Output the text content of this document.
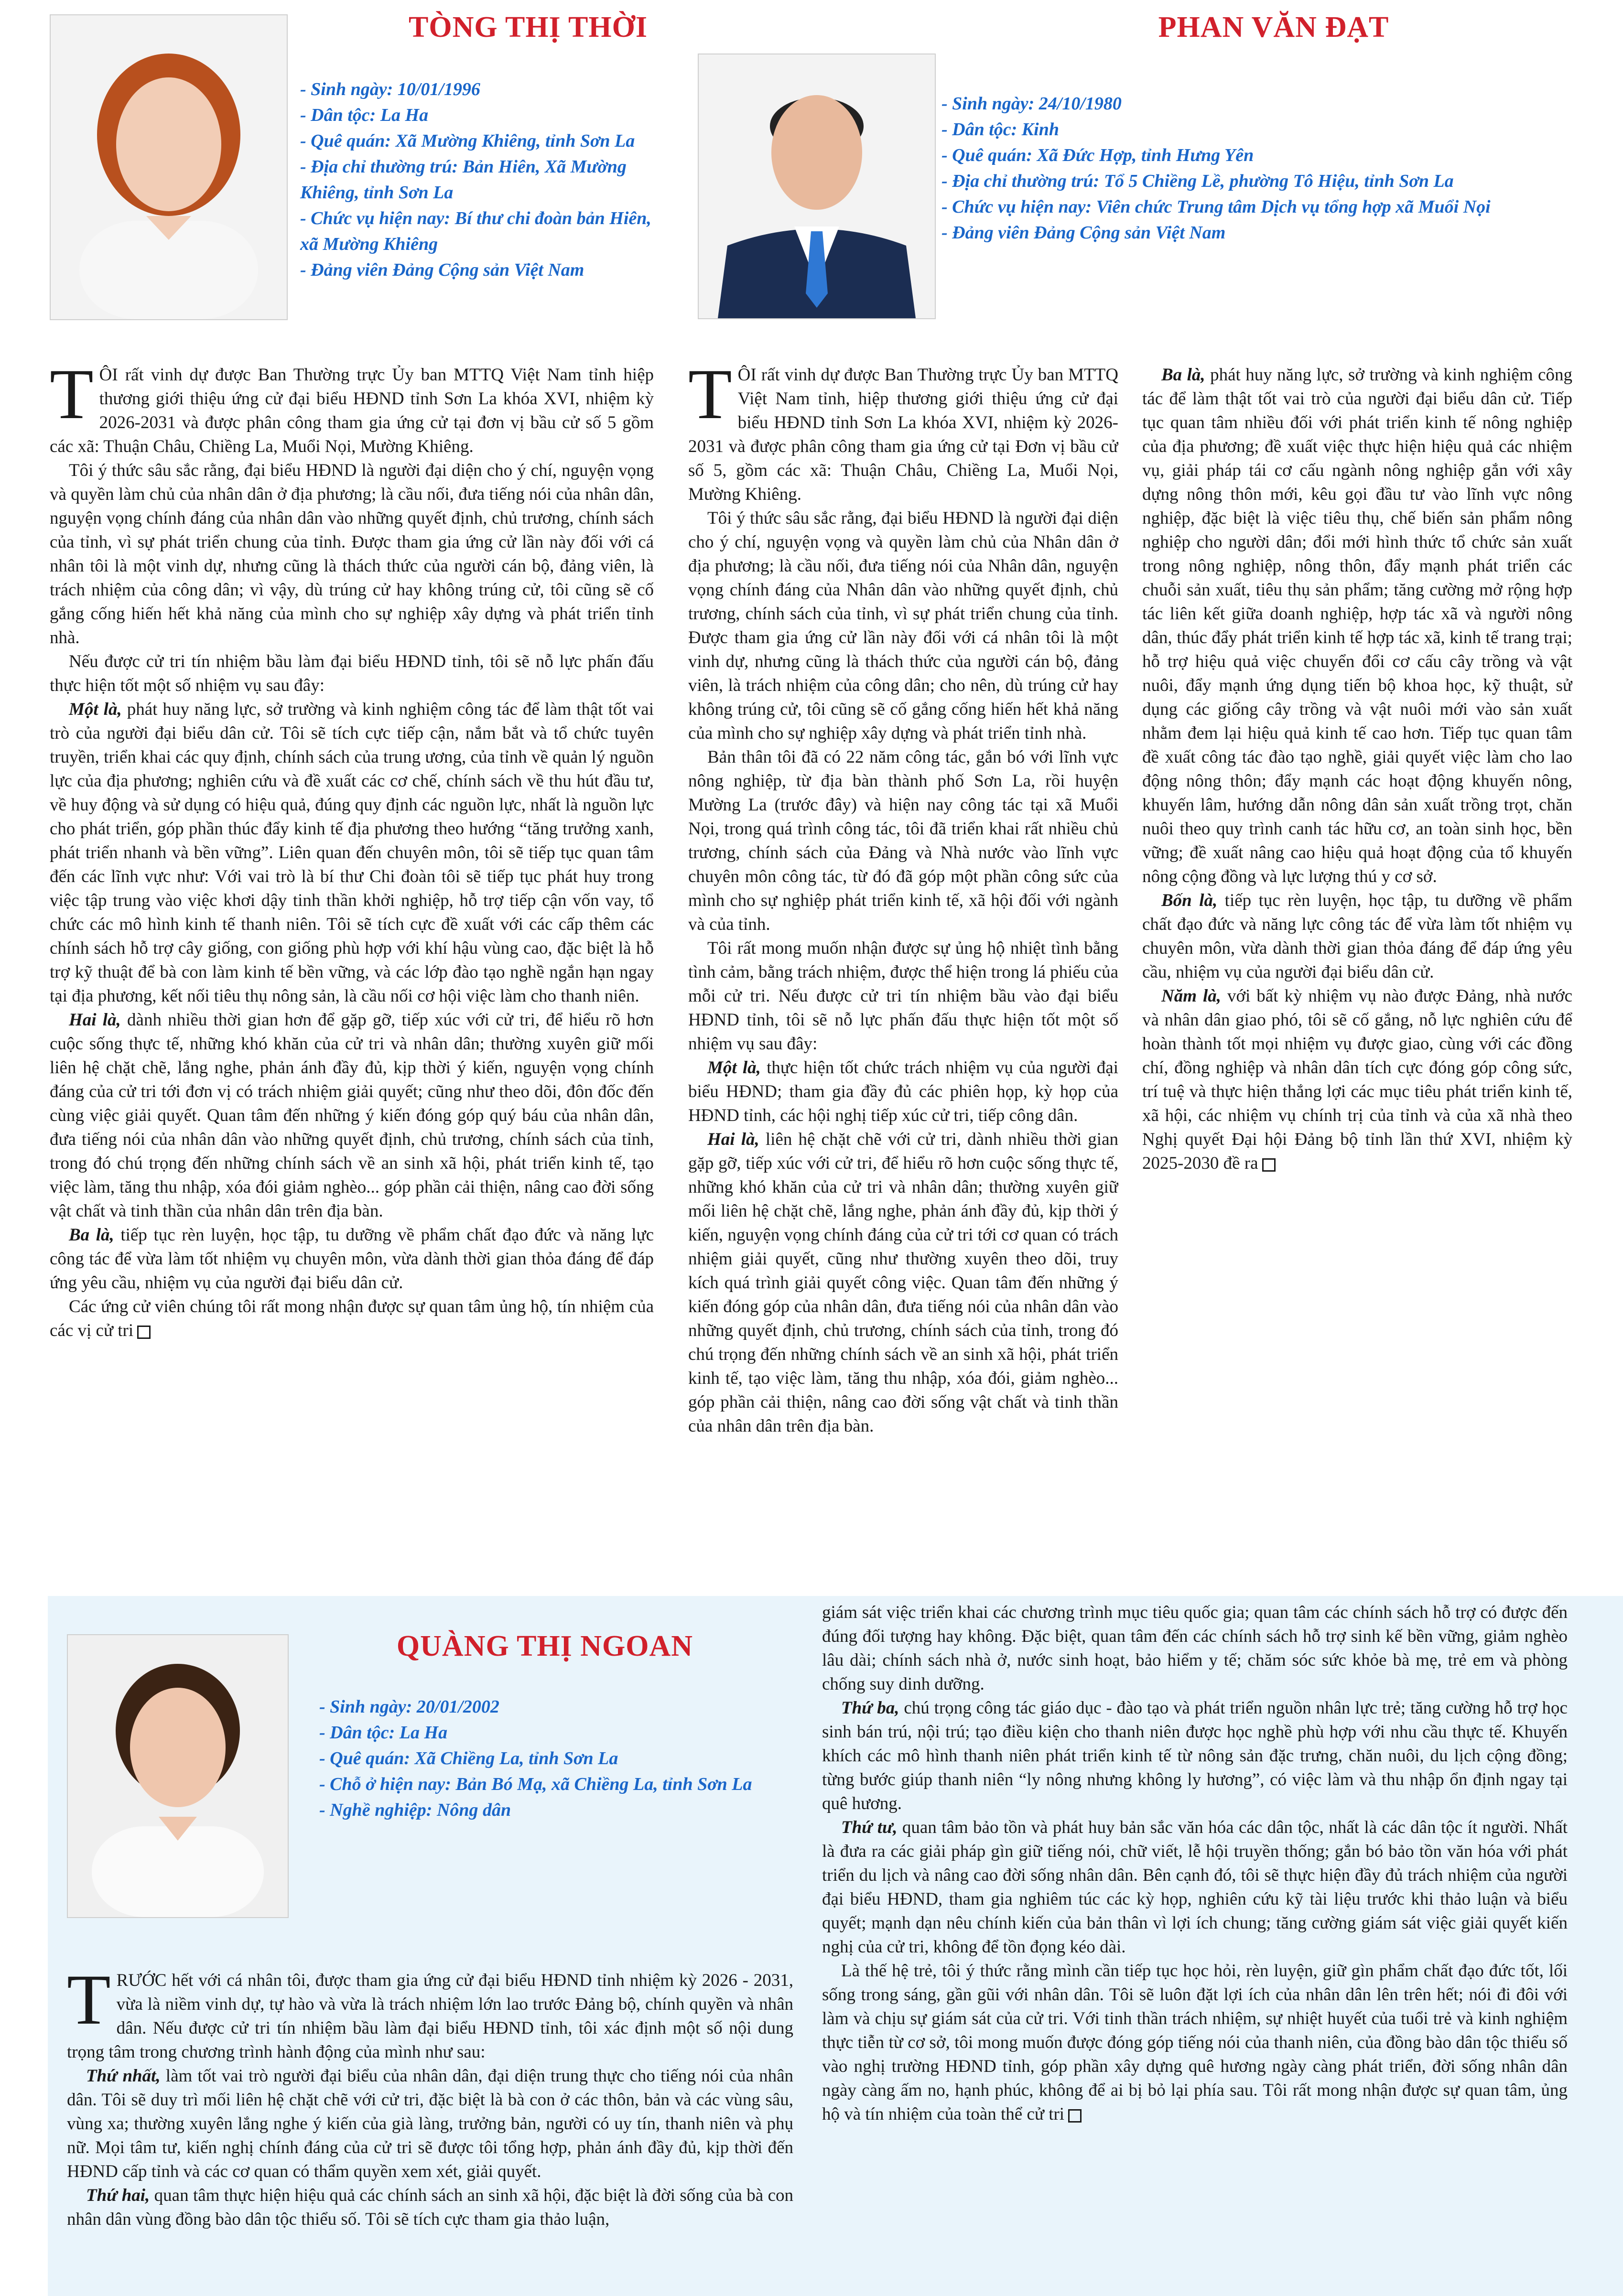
TÒNG THỊ THỜI

- Sinh ngày: 10/01/1996

- Dân tộc: La Ha

- Quê quán: Xã Mường Khiêng, tỉnh Sơn La

- Địa chỉ thường trú: Bản Hiên, Xã Mường Khiêng, tỉnh Sơn La

- Chức vụ hiện nay: Bí thư chi đoàn bản Hiên, xã Mường Khiêng

- Đảng viên Đảng Cộng sản Việt Nam

PHAN VĂN ĐẠT

- Sinh ngày: 24/10/1980

- Dân tộc: Kinh

- Quê quán: Xã Đức Hợp, tỉnh Hưng Yên

- Địa chỉ thường trú: Tổ 5 Chiềng Lề, phường Tô Hiệu, tỉnh Sơn La

- Chức vụ hiện nay: Viên chức Trung tâm Dịch vụ tổng hợp xã Muổi Nọi

- Đảng viên Đảng Cộng sản Việt Nam

TÔI rất vinh dự được Ban Thường trực Ủy ban MTTQ Việt Nam tỉnh hiệp thương giới thiệu ứng cử đại biểu HĐND tỉnh Sơn La khóa XVI, nhiệm kỳ 2026-2031 và được phân công tham gia ứng cử tại đơn vị bầu cử số 5 gồm các xã: Thuận Châu, Chiềng La, Muổi Nọi, Mường Khiêng.

Tôi ý thức sâu sắc rằng, đại biểu HĐND là người đại diện cho ý chí, nguyện vọng và quyền làm chủ của nhân dân ở địa phương; là cầu nối, đưa tiếng nói của nhân dân, nguyện vọng chính đáng của nhân dân vào những quyết định, chủ trương, chính sách của tỉnh, vì sự phát triển chung của tỉnh. Được tham gia ứng cử lần này đối với cá nhân tôi là một vinh dự, nhưng cũng là thách thức của người cán bộ, đảng viên, là trách nhiệm của công dân; vì vậy, dù trúng cử hay không trúng cử, tôi cũng sẽ cố gắng cống hiến hết khả năng của mình cho sự nghiệp xây dựng và phát triển tỉnh nhà.

Nếu được cử tri tín nhiệm bầu làm đại biểu HĐND tỉnh, tôi sẽ nỗ lực phấn đấu thực hiện tốt một số nhiệm vụ sau đây:

Một là, phát huy năng lực, sở trường và kinh nghiệm công tác để làm thật tốt vai trò của người đại biểu dân cử. Tôi sẽ tích cực tiếp cận, nắm bắt và tổ chức tuyên truyền, triển khai các quy định, chính sách của trung ương, của tỉnh về quản lý nguồn lực của địa phương; nghiên cứu và đề xuất các cơ chế, chính sách về thu hút đầu tư, về huy động và sử dụng có hiệu quả, đúng quy định các nguồn lực, nhất là nguồn lực cho phát triển, góp phần thúc đẩy kinh tế địa phương theo hướng “tăng trưởng xanh, phát triển nhanh và bền vững”. Liên quan đến chuyên môn, tôi sẽ tiếp tục quan tâm đến các lĩnh vực như: Với vai trò là bí thư Chi đoàn tôi sẽ tiếp tục phát huy trong việc tập trung vào việc khơi dậy tinh thần khởi nghiệp, hỗ trợ tiếp cận vốn vay, tổ chức các mô hình kinh tế thanh niên. Tôi sẽ tích cực đề xuất với các cấp thêm các chính sách hỗ trợ cây giống, con giống phù hợp với khí hậu vùng cao, đặc biệt là hỗ trợ kỹ thuật để bà con làm kinh tế bền vững, và các lớp đào tạo nghề ngắn hạn ngay tại địa phương, kết nối tiêu thụ nông sản, là cầu nối cơ hội việc làm cho thanh niên.

Hai là, dành nhiều thời gian hơn để gặp gỡ, tiếp xúc với cử tri, để hiểu rõ hơn cuộc sống thực tế, những khó khăn của cử tri và nhân dân; thường xuyên giữ mối liên hệ chặt chẽ, lắng nghe, phản ánh đầy đủ, kịp thời ý kiến, nguyện vọng chính đáng của cử tri tới đơn vị có trách nhiệm giải quyết; cũng như theo dõi, đôn đốc đến cùng việc giải quyết. Quan tâm đến những ý kiến đóng góp quý báu của nhân dân, đưa tiếng nói của nhân dân vào những quyết định, chủ trương, chính sách của tỉnh, trong đó chú trọng đến những chính sách về an sinh xã hội, phát triển kinh tế, tạo việc làm, tăng thu nhập, xóa đói giảm nghèo... góp phần cải thiện, nâng cao đời sống vật chất và tinh thần của nhân dân trên địa bàn.

Ba là, tiếp tục rèn luyện, học tập, tu dưỡng về phẩm chất đạo đức và năng lực công tác để vừa làm tốt nhiệm vụ chuyên môn, vừa dành thời gian thỏa đáng để đáp ứng yêu cầu, nhiệm vụ của người đại biểu dân cử.

Các ứng cử viên chúng tôi rất mong nhận được sự quan tâm ủng hộ, tín nhiệm của các vị cử tri

TÔI rất vinh dự được Ban Thường trực Ủy ban MTTQ Việt Nam tỉnh, hiệp thương giới thiệu ứng cử đại biểu HĐND tỉnh Sơn La khóa XVI, nhiệm kỳ 2026-2031 và được phân công tham gia ứng cử tại Đơn vị bầu cử số 5, gồm các xã: Thuận Châu, Chiềng La, Muổi Nọi, Mường Khiêng.

Tôi ý thức sâu sắc rằng, đại biểu HĐND là người đại diện cho ý chí, nguyện vọng và quyền làm chủ của Nhân dân ở địa phương; là cầu nối, đưa tiếng nói của Nhân dân, nguyện vọng chính đáng của Nhân dân vào những quyết định, chủ trương, chính sách của tỉnh, vì sự phát triển chung của tỉnh. Được tham gia ứng cử lần này đối với cá nhân tôi là một vinh dự, nhưng cũng là thách thức của người cán bộ, đảng viên, là trách nhiệm của công dân; cho nên, dù trúng cử hay không trúng cử, tôi cũng sẽ cố gắng cống hiến hết khả năng của mình cho sự nghiệp xây dựng và phát triển tỉnh nhà.

Bản thân tôi đã có 22 năm công tác, gắn bó với lĩnh vực nông nghiệp, từ địa bàn thành phố Sơn La, rồi huyện Mường La (trước đây) và hiện nay công tác tại xã Muổi Nọi, trong quá trình công tác, tôi đã triển khai rất nhiều chủ trương, chính sách của Đảng và Nhà nước vào lĩnh vực chuyên môn công tác, từ đó đã góp một phần công sức của mình cho sự nghiệp phát triển kinh tế, xã hội đối với ngành và của tỉnh.

Tôi rất mong muốn nhận được sự ủng hộ nhiệt tình bằng tình cảm, bằng trách nhiệm, được thể hiện trong lá phiếu của mỗi cử tri. Nếu được cử tri tín nhiệm bầu vào đại biểu HĐND tỉnh, tôi sẽ nỗ lực phấn đấu thực hiện tốt một số nhiệm vụ sau đây:

Một là, thực hiện tốt chức trách nhiệm vụ của người đại biểu HĐND; tham gia đầy đủ các phiên họp, kỳ họp của HĐND tỉnh, các hội nghị tiếp xúc cử tri, tiếp công dân.

Hai là, liên hệ chặt chẽ với cử tri, dành nhiều thời gian gặp gỡ, tiếp xúc với cử tri, để hiểu rõ hơn cuộc sống thực tế, những khó khăn của cử tri và nhân dân; thường xuyên giữ mối liên hệ chặt chẽ, lắng nghe, phản ánh đầy đủ, kịp thời ý kiến, nguyện vọng chính đáng của cử tri tới cơ quan có trách nhiệm giải quyết, cũng như thường xuyên theo dõi, truy kích quá trình giải quyết công việc. Quan tâm đến những ý kiến đóng góp của nhân dân, đưa tiếng nói của nhân dân vào những quyết định, chủ trương, chính sách của tỉnh, trong đó chú trọng đến những chính sách về an sinh xã hội, phát triển kinh tế, tạo việc làm, tăng thu nhập, xóa đói, giảm nghèo... góp phần cải thiện, nâng cao đời sống vật chất và tinh thần của nhân dân trên địa bàn.

Ba là, phát huy năng lực, sở trường và kinh nghiệm công tác để làm thật tốt vai trò của người đại biểu dân cử. Tiếp tục quan tâm nhiều đối với phát triển kinh tế nông nghiệp của địa phương; đề xuất việc thực hiện hiệu quả các nhiệm vụ, giải pháp tái cơ cấu ngành nông nghiệp gắn với xây dựng nông thôn mới, kêu gọi đầu tư vào lĩnh vực nông nghiệp, đặc biệt là việc tiêu thụ, chế biến sản phẩm nông nghiệp cho người dân; đổi mới hình thức tổ chức sản xuất trong nông nghiệp, nông thôn, đẩy mạnh phát triển các chuỗi sản xuất, tiêu thụ sản phẩm; tăng cường mở rộng hợp tác liên kết giữa doanh nghiệp, hợp tác xã và người nông dân, thúc đẩy phát triển kinh tế hợp tác xã, kinh tế trang trại; hỗ trợ hiệu quả việc chuyển đổi cơ cấu cây trồng và vật nuôi, đẩy mạnh ứng dụng tiến bộ khoa học, kỹ thuật, sử dụng các giống cây trồng và vật nuôi mới vào sản xuất nhằm đem lại hiệu quả kinh tế cao hơn. Tiếp tục quan tâm đề xuất công tác đào tạo nghề, giải quyết việc làm cho lao động nông thôn; đẩy mạnh các hoạt động khuyến nông, khuyến lâm, hướng dẫn nông dân sản xuất trồng trọt, chăn nuôi theo quy trình canh tác hữu cơ, an toàn sinh học, bền vững; đề xuất nâng cao hiệu quả hoạt động của tổ khuyến nông cộng đồng và lực lượng thú y cơ sở.

Bốn là, tiếp tục rèn luyện, học tập, tu dưỡng về phẩm chất đạo đức và năng lực công tác để vừa làm tốt nhiệm vụ chuyên môn, vừa dành thời gian thỏa đáng để đáp ứng yêu cầu, nhiệm vụ của người đại biểu dân cử.

Năm là, với bất kỳ nhiệm vụ nào được Đảng, nhà nước và nhân dân giao phó, tôi sẽ cố gắng, nỗ lực nghiên cứu để hoàn thành tốt mọi nhiệm vụ được giao, cùng với các đồng chí, đồng nghiệp và nhân dân tích cực đóng góp công sức, trí tuệ và thực hiện thắng lợi các mục tiêu phát triển kinh tế, xã hội, các nhiệm vụ chính trị của tỉnh và của xã nhà theo Nghị quyết Đại hội Đảng bộ tỉnh lần thứ XVI, nhiệm kỳ 2025-2030 đề ra

QUÀNG THỊ NGOAN

- Sinh ngày: 20/01/2002

- Dân tộc: La Ha

- Quê quán: Xã Chiềng La, tỉnh Sơn La

- Chỗ ở hiện nay: Bản Bó Mạ, xã Chiềng La, tỉnh Sơn La

- Nghề nghiệp: Nông dân

TRƯỚC hết với cá nhân tôi, được tham gia ứng cử đại biểu HĐND tỉnh nhiệm kỳ 2026 - 2031, vừa là niềm vinh dự, tự hào và vừa là trách nhiệm lớn lao trước Đảng bộ, chính quyền và nhân dân. Nếu được cử tri tín nhiệm bầu làm đại biểu HĐND tỉnh, tôi xác định một số nội dung trọng tâm trong chương trình hành động của mình như sau:

Thứ nhất, làm tốt vai trò người đại biểu của nhân dân, đại diện trung thực cho tiếng nói của nhân dân. Tôi sẽ duy trì mối liên hệ chặt chẽ với cử tri, đặc biệt là bà con ở các thôn, bản và các vùng sâu, vùng xa; thường xuyên lắng nghe ý kiến của già làng, trưởng bản, người có uy tín, thanh niên và phụ nữ. Mọi tâm tư, kiến nghị chính đáng của cử tri sẽ được tôi tổng hợp, phản ánh đầy đủ, kịp thời đến HĐND cấp tỉnh và các cơ quan có thẩm quyền xem xét, giải quyết.

Thứ hai, quan tâm thực hiện hiệu quả các chính sách an sinh xã hội, đặc biệt là đời sống của bà con nhân dân vùng đồng bào dân tộc thiểu số. Tôi sẽ tích cực tham gia thảo luận,

giám sát việc triển khai các chương trình mục tiêu quốc gia; quan tâm các chính sách hỗ trợ có được đến đúng đối tượng hay không. Đặc biệt, quan tâm đến các chính sách hỗ trợ sinh kế bền vững, giảm nghèo lâu dài; chính sách nhà ở, nước sinh hoạt, bảo hiểm y tế; chăm sóc sức khỏe bà mẹ, trẻ em và phòng chống suy dinh dưỡng.

Thứ ba, chú trọng công tác giáo dục - đào tạo và phát triển nguồn nhân lực trẻ; tăng cường hỗ trợ học sinh bán trú, nội trú; tạo điều kiện cho thanh niên được học nghề phù hợp với nhu cầu thực tế. Khuyến khích các mô hình thanh niên phát triển kinh tế từ nông sản đặc trưng, chăn nuôi, du lịch cộng đồng; từng bước giúp thanh niên “ly nông nhưng không ly hương”, có việc làm và thu nhập ổn định ngay tại quê hương.

Thứ tư, quan tâm bảo tồn và phát huy bản sắc văn hóa các dân tộc, nhất là các dân tộc ít người. Nhất là đưa ra các giải pháp gìn giữ tiếng nói, chữ viết, lễ hội truyền thống; gắn bó bảo tồn văn hóa với phát triển du lịch và nâng cao đời sống nhân dân. Bên cạnh đó, tôi sẽ thực hiện đầy đủ trách nhiệm của người đại biểu HĐND, tham gia nghiêm túc các kỳ họp, nghiên cứu kỹ tài liệu trước khi thảo luận và biểu quyết; mạnh dạn nêu chính kiến của bản thân vì lợi ích chung; tăng cường giám sát việc giải quyết kiến nghị của cử tri, không để tồn đọng kéo dài.

Là thế hệ trẻ, tôi ý thức rằng mình cần tiếp tục học hỏi, rèn luyện, giữ gìn phẩm chất đạo đức tốt, lối sống trong sáng, gần gũi với nhân dân. Tôi sẽ luôn đặt lợi ích của nhân dân lên trên hết; nói đi đôi với làm và chịu sự giám sát của cử tri. Với tinh thần trách nhiệm, sự nhiệt huyết của tuổi trẻ và kinh nghiệm thực tiễn từ cơ sở, tôi mong muốn được đóng góp tiếng nói của thanh niên, của đồng bào dân tộc thiểu số vào nghị trường HĐND tỉnh, góp phần xây dựng quê hương ngày càng phát triển, đời sống nhân dân ngày càng ấm no, hạnh phúc, không để ai bị bỏ lại phía sau. Tôi rất mong nhận được sự quan tâm, ủng hộ và tín nhiệm của toàn thể cử tri
